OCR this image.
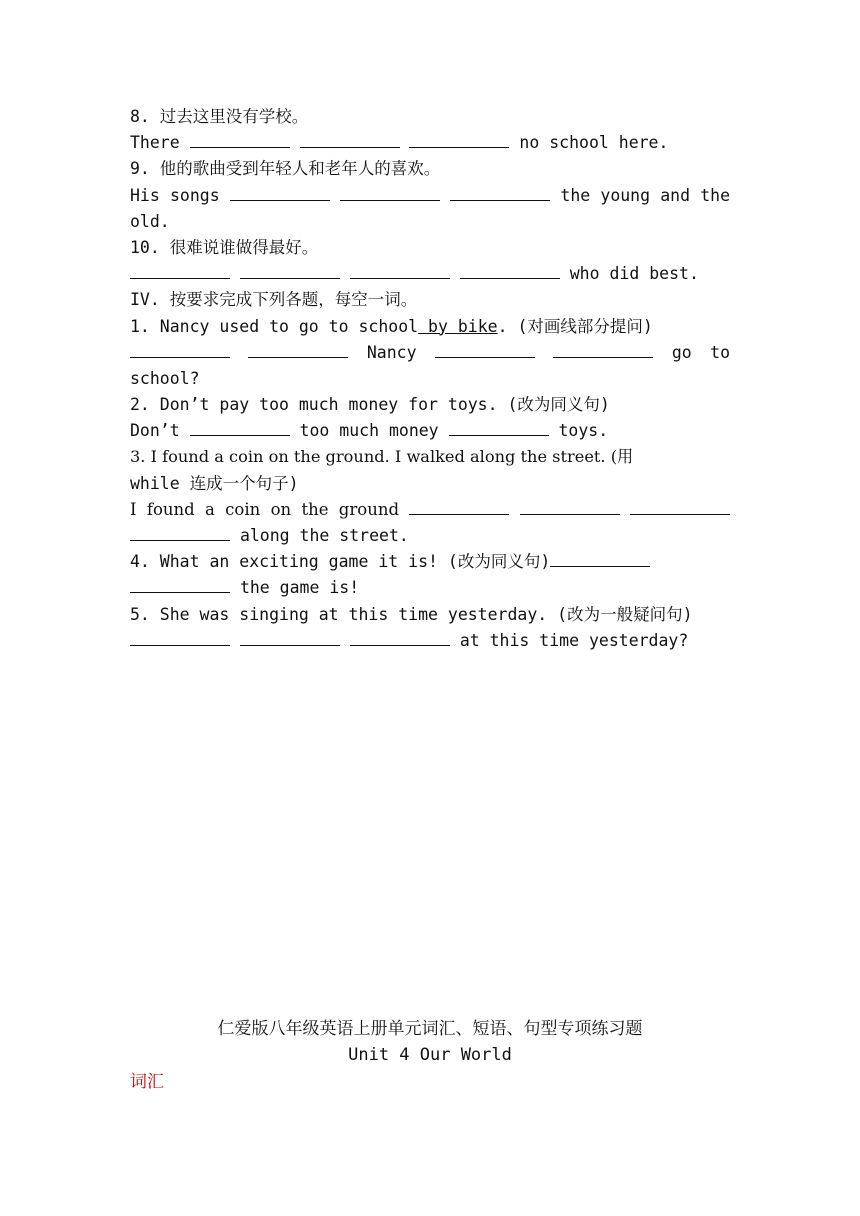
8. 过去这里没有学校。
There	no school here.
9. 他的歌曲受到年轻人和老年人的喜欢。
His songs	the young and the
old.
10. 很难说谁做得最好。
who did best.
IV. 按要求完成下列各题，每空一词。
1. Nancy used to go to school by bike. (对画线部分提问)
Nancy	go to
school?
2. Don’t pay too much money for toys. (改为同义句)
Don’t	too much money	toys.
3. I found a coin on the ground. I walked along the street. (用
while 连成一个句子)
I found a coin on the ground
along the street.
4. What an exciting game it is! (改为同义句)
the game is!
5. She was singing at this time yesterday. (改为一般疑问句)
at this time yesterday?
仁爱版八年级英语上册单元词汇、短语、句型专项练习题
Unit 4 Our World
词汇
